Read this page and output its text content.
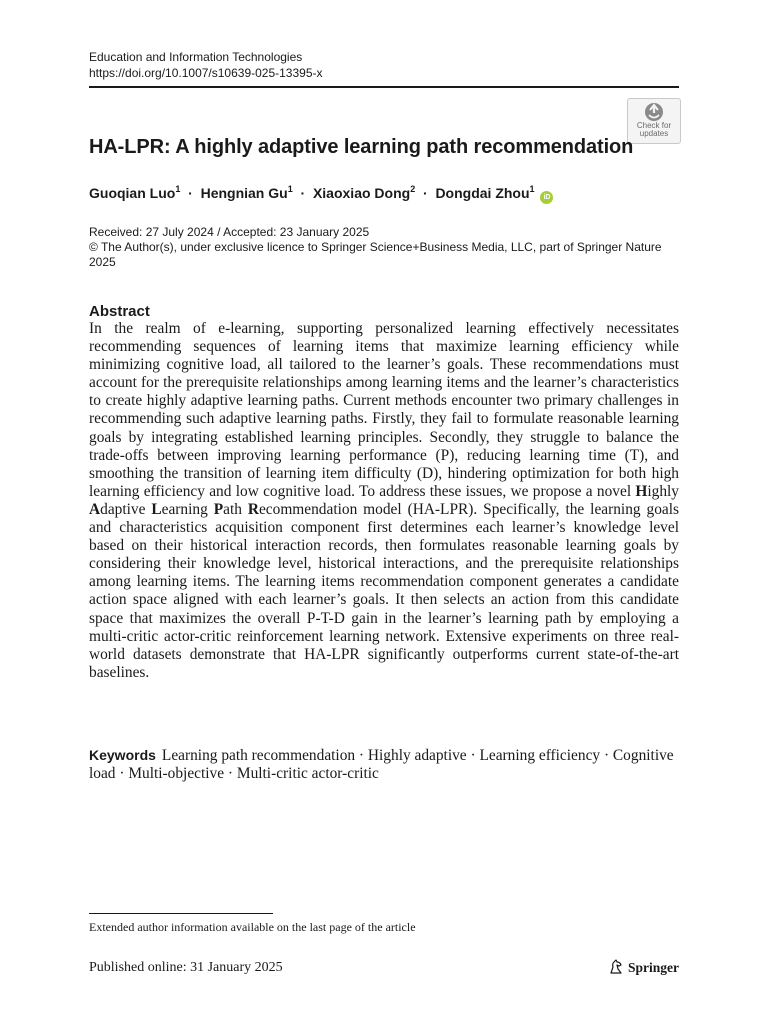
Education and Information Technologies
https://doi.org/10.1007/s10639-025-13395-x
Check for
updates
HA-LPR: A highly adaptive learning path recommendation
Guoqian Luo$^1$  ·  Hengnian Gu$^1$  ·  Xiaoxiao Dong$^2$  ·  Dongdai Zhou$^1$ iD
Received: 27 July 2024 / Accepted: 23 January 2025
© The Author(s), under exclusive licence to Springer Science+Business Media, LLC, part of Springer Nature 2025
Abstract
In the realm of e-learning, supporting personalized learning effectively necessitates recommending sequences of learning items that maximize learning efficiency while minimizing cognitive load, all tailored to the learner’s goals. These recommendations must account for the prerequisite relationships among learning items and the learner’s characteristics to create highly adaptive learning paths. Current methods encounter two primary challenges in recommending such adaptive learning paths. Firstly, they fail to formulate reasonable learning goals by integrating established learning principles. Secondly, they struggle to balance the trade-offs between improving learning performance (P), reducing learning time (T), and smoothing the transition of learning item difficulty (D), hindering optimization for both high learning efficiency and low cognitive load. To address these issues, we propose a novel Highly Adaptive Learning Path Recommendation model (HA-LPR). Specifically, the learning goals and characteristics acquisition component first determines each learner’s knowledge level based on their historical interaction records, then formulates reasonable learning goals by considering their knowledge level, historical interactions, and the prerequisite relationships among learning items. The learning items recommendation component generates a candidate action space aligned with each learner’s goals. It then selects an action from this candidate space that maximizes the overall P-T-D gain in the learner’s learning path by employing a multi-critic actor-critic reinforcement learning network. Extensive experiments on three real-world datasets demonstrate that HA-LPR significantly outperforms current state-of-the-art baselines.
Keywords Learning path recommendation · Highly adaptive · Learning efficiency · Cognitive load · Multi-objective · Multi-critic actor-critic
Extended author information available on the last page of the article
Published online: 31 January 2025	Springer
